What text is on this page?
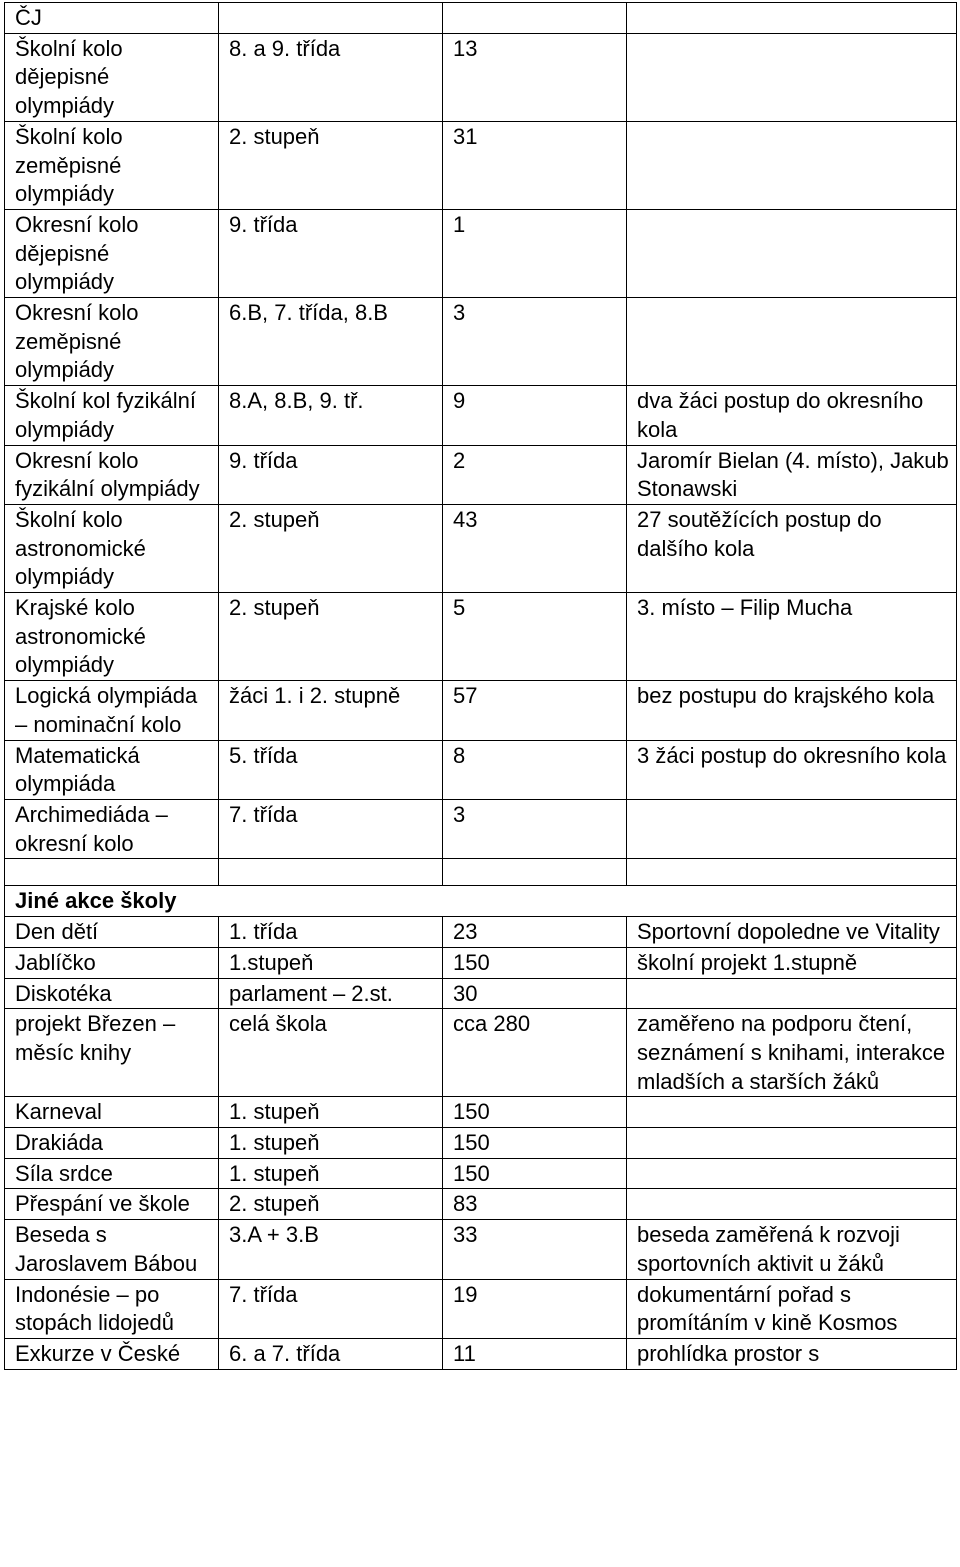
ČJ			
Školní kolo dějepisné olympiády	8. a 9. třída	13	
Školní kolo zeměpisné olympiády	2. stupeň	31	
Okresní kolo dějepisné olympiády	9. třída	1	
Okresní kolo zeměpisné olympiády	6.B, 7. třída, 8.B	3	
Školní kol fyzikální olympiády	8.A, 8.B, 9. tř.	9	dva žáci postup do okresního kola
Okresní kolo fyzikální olympiády	9. třída	2	Jaromír Bielan (4. místo), Jakub Stonawski
Školní kolo astronomické olympiády	2. stupeň	43	27 soutěžících postup do dalšího kola
Krajské kolo astronomické olympiády	2. stupeň	5	3. místo – Filip Mucha
Logická olympiáda – nominační kolo	žáci 1. i 2. stupně	57	bez postupu do krajského kola
Matematická olympiáda	5. třída	8	3 žáci postup do okresního kola
Archimediáda – okresní kolo	7. třída	3	

Jiné akce školy			
Den dětí	1. třída	23	Sportovní dopoledne ve Vitality
Jablíčko	1.stupeň	150	školní projekt 1.stupně
Diskotéka	parlament – 2.st.	30	
projekt Březen – měsíc knihy	celá škola	cca 280	zaměřeno na podporu čtení, seznámení s knihami, interakce mladších a starších žáků
Karneval	1. stupeň	150	
Drakiáda	1. stupeň	150	
Síla srdce	1. stupeň	150	
Přespání ve škole	2. stupeň	83	
Beseda s Jaroslavem Bábou	3.A + 3.B	33	beseda zaměřená k rozvoji sportovních aktivit u žáků
Indonésie – po stopách lidojedů	7. třída	19	dokumentární pořad s promítáním v kině Kosmos
Exkurze v České	6. a 7. třída	11	prohlídka prostor s
